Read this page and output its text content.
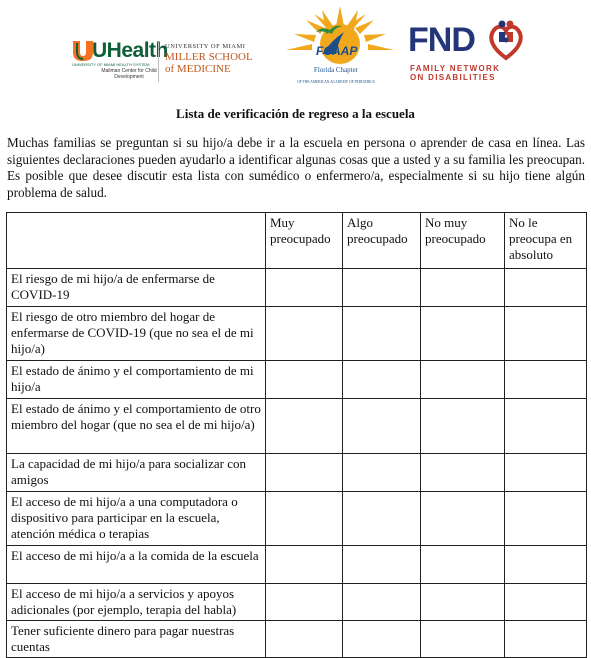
UHealth
UNIVERSITY OF MIAMI HEALTH SYSTEM
Mailman Center for Child Development
UNIVERSITY OF MIAMI
MILLER SCHOOL
of MEDICINE
FCAAP
Florida Chapter
OF THE AMERICAN ACADEMY OF PEDIATRICS
FND
FAMILY NETWORK
ON DISABILITIES
Lista de verificación de regreso a la escuela

Muchas familias se preguntan si su hijo/a debe ir a la escuela en persona o aprender de casa en línea. Las siguientes declaraciones pueden ayudarlo a identificar algunas cosas que a usted y a su familia les preocupan. Es posible que desee discutir esta lista con sumédico o enfermero/a, especialmente si su hijo tiene algún problema de salud.

	Muy preocupado	Algo preocupado	No muy preocupado	No le preocupa en absoluto
El riesgo de mi hijo/a de enfermarse de COVID-19				
El riesgo de otro miembro del hogar de enfermarse de COVID-19 (que no sea el de mi hijo/a)				
El estado de ánimo y el comportamiento de mi hijo/a				
El estado de ánimo y el comportamiento de otro miembro del hogar (que no sea el de mi hijo/a)				
La capacidad de mi hijo/a para socializar con amigos				
El acceso de mi hijo/a a una computadora o dispositivo para participar en la escuela, atención médica o terapias				
El acceso de mi hijo/a a la comida de la escuela				
El acceso de mi hijo/a a servicios y apoyos adicionales (por ejemplo, terapia del habla)				
Tener suficiente dinero para pagar nuestras cuentas				
